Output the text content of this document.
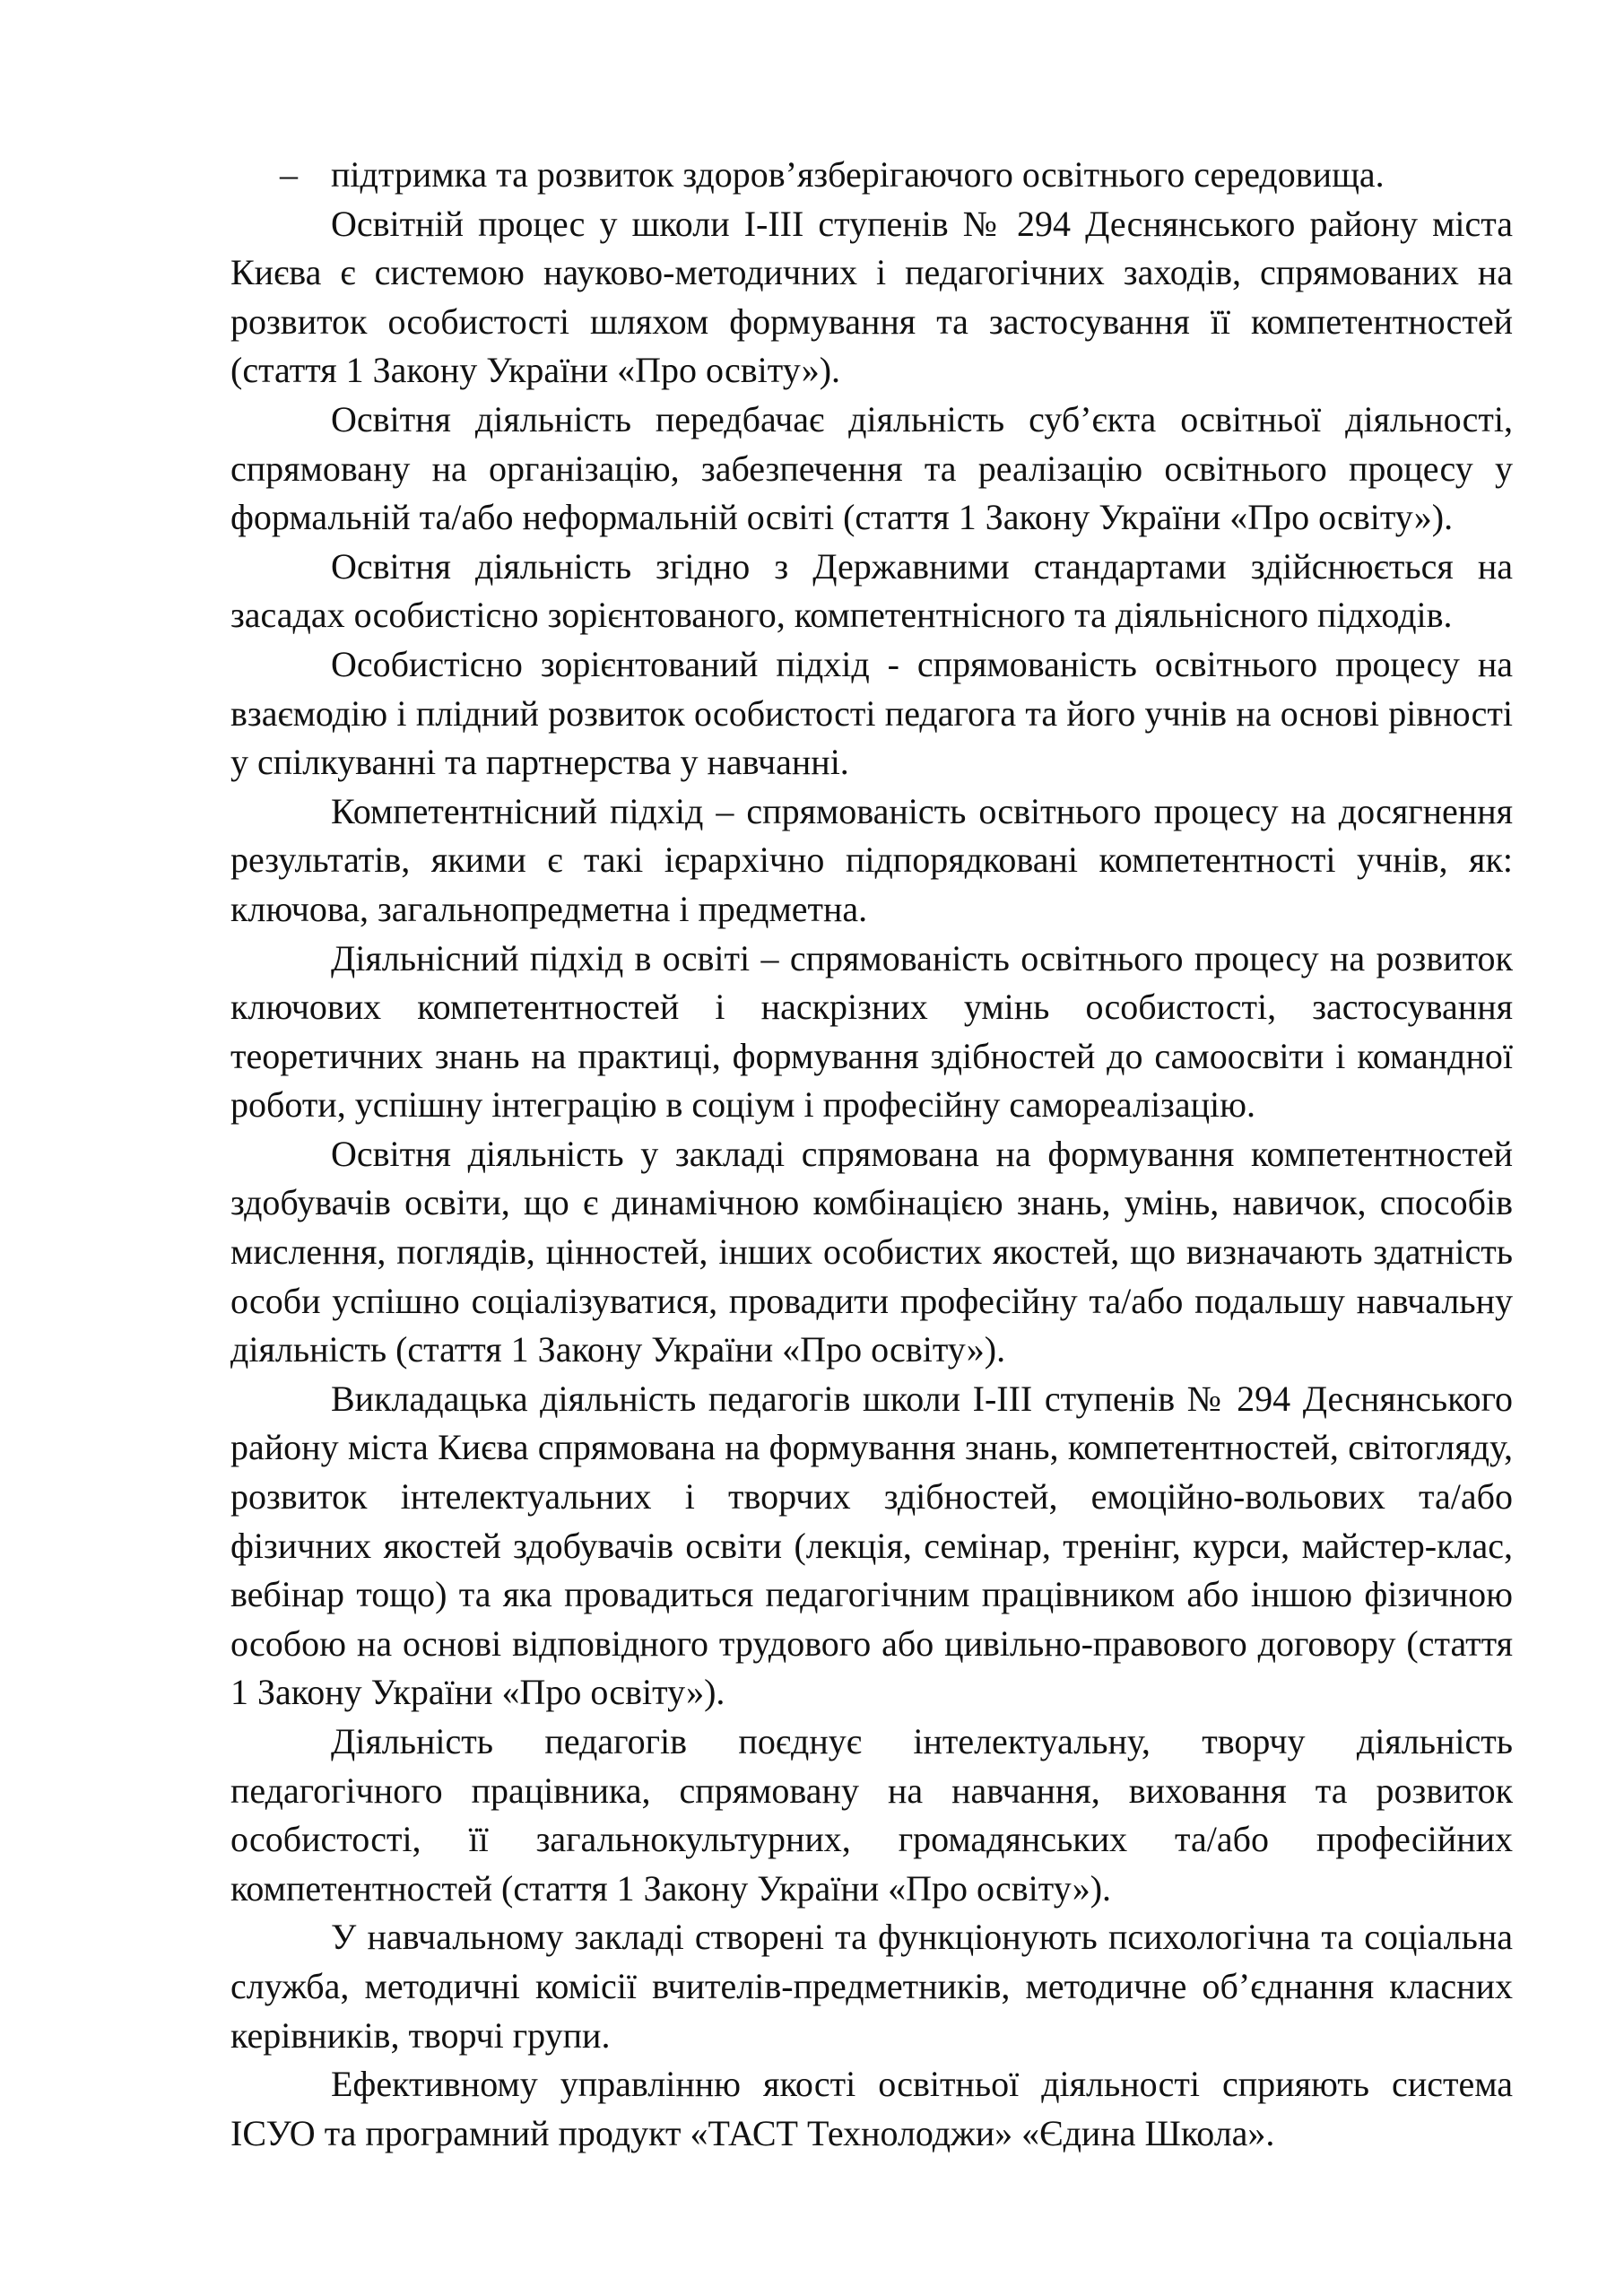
– підтримка та розвиток здоров’язберігаючого освітнього середовища.

Освітній процес у школи І-ІІІ ступенів № 294 Деснянського району міста Києва є системою науково-методичних і педагогічних заходів, спрямованих на розвиток особистості шляхом формування та застосування її компетентностей (стаття 1 Закону України «Про освіту»).

Освітня діяльність передбачає діяльність суб’єкта освітньої діяльності, спрямовану на організацію, забезпечення та реалізацію освітнього процесу у формальній та/або неформальній освіті (стаття 1 Закону України «Про освіту»).

Освітня діяльність згідно з Державними стандартами здійснюється на засадах особистісно зорієнтованого, компетентнісного та діяльнісного підходів.

Особистісно зорієнтований підхід - спрямованість освітнього процесу на взаємодію і плідний розвиток особистості педагога та його учнів на основі рівності у спілкуванні та партнерства у навчанні.

Компетентнісний підхід – спрямованість освітнього процесу на досягнення результатів, якими є такі ієрархічно підпорядковані компетентності учнів, як: ключова, загальнопредметна і предметна.

Діяльнісний підхід в освіті – спрямованість освітнього процесу на розвиток ключових компетентностей і наскрізних умінь особистості, застосування теоретичних знань на практиці, формування здібностей до самоосвіти і командної роботи, успішну інтеграцію в соціум і професійну самореалізацію.

Освітня діяльність у закладі спрямована на формування компетентностей здобувачів освіти, що є динамічною комбінацією знань, умінь, навичок, способів мислення, поглядів, цінностей, інших особистих якостей, що визначають здатність особи успішно соціалізуватися, провадити професійну та/або подальшу навчальну діяльність (стаття 1 Закону України «Про освіту»).

Викладацька діяльність педагогів школи І-ІІІ ступенів № 294 Деснянського району міста Києва спрямована на формування знань, компетентностей, світогляду, розвиток інтелектуальних і творчих здібностей, емоційно-вольових та/або фізичних якостей здобувачів освіти (лекція, семінар, тренінг, курси, майстер-клас, вебінар тощо) та яка провадиться педагогічним працівником або іншою фізичною особою на основі відповідного трудового або цивільно-правового договору (стаття 1 Закону України «Про освіту»).

Діяльність педагогів поєднує інтелектуальну, творчу діяльність педагогічного працівника, спрямовану на навчання, виховання та розвиток особистості, її загальнокультурних, громадянських та/або професійних компетентностей (стаття 1 Закону України «Про освіту»).

У навчальному закладі створені та функціонують психологічна та соціальна служба, методичні комісії вчителів-предметників, методичне об’єднання класних керівників, творчі групи.

Ефективному управлінню якості освітньої діяльності сприяють система ІСУО та програмний продукт «ТАСТ Технолоджи» «Єдина Школа».
